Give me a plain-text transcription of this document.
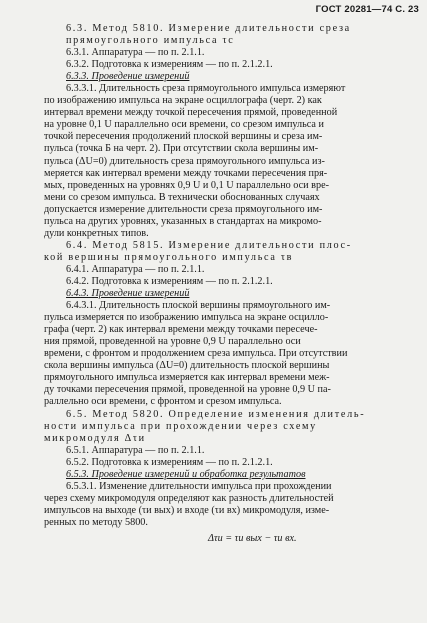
ГОСТ 20281—74 С. 23
6.3. Метод 5810. Измерение длительности среза
прямоугольного импульса τс
6.3.1. Аппаратура — по п. 2.1.1.
6.3.2. Подготовка к измерениям — по п. 2.1.2.1.
6.3.3. Проведение измерений
6.3.3.1. Длительность среза прямоугольного импульса измеряют
по изображению импульса на экране осциллографа (черт. 2) как
интервал времени между точкой пересечения прямой, проведенной
на уровне 0,1 U параллельно оси времени, со срезом импульса и
точкой пересечения продолжений плоской вершины и среза им-
пульса (точка Б на черт. 2). При отсутствии скола вершины им-
пульса (ΔU=0) длительность среза прямоугольного импульса из-
меряется как интервал времени между точками пересечения пря-
мых, проведенных на уровнях 0,9 U и 0,1 U параллельно оси вре-
мени со срезом импульса. В технически обоснованных случаях
допускается измерение длительности среза прямоугольного им-
пульса на других уровнях, указанных в стандартах на микромо-
дули конкретных типов.
6.4. Метод 5815. Измерение длительности плос-
кой вершины прямоугольного импульса τв
6.4.1. Аппаратура — по п. 2.1.1.
6.4.2. Подготовка к измерениям — по п. 2.1.2.1.
6.4.3. Проведение измерений
6.4.3.1. Длительность плоской вершины прямоугольного им-
пульса измеряется по изображению импульса на экране осцилло-
графа (черт. 2) как интервал времени между точками пересече-
ния прямой, проведенной на уровне 0,9 U параллельно оси
времени, с фронтом и продолжением среза импульса. При отсутствии
скола вершины импульса (ΔU=0) длительность плоской вершины
прямоугольного импульса измеряется как интервал времени меж-
ду точками пересечения прямой, проведенной на уровне 0,9 U па-
раллельно оси времени, с фронтом и срезом импульса.
6.5. Метод 5820. Определение изменения длитель-
ности импульса при прохождении через схему
микромодуля Δτи
6.5.1. Аппаратура — по п. 2.1.1.
6.5.2. Подготовка к измерениям — по п. 2.1.2.1.
6.5.3. Проведение измерений и обработка результатов
6.5.3.1. Изменение длительности импульса при прохождении
через схему микромодуля определяют как разность длительностей
импульсов на выходе (τи вых) и входе (τи вх) микромодуля, изме-
ренных по методу 5800.
Δτи = τи вых − τи вх.
